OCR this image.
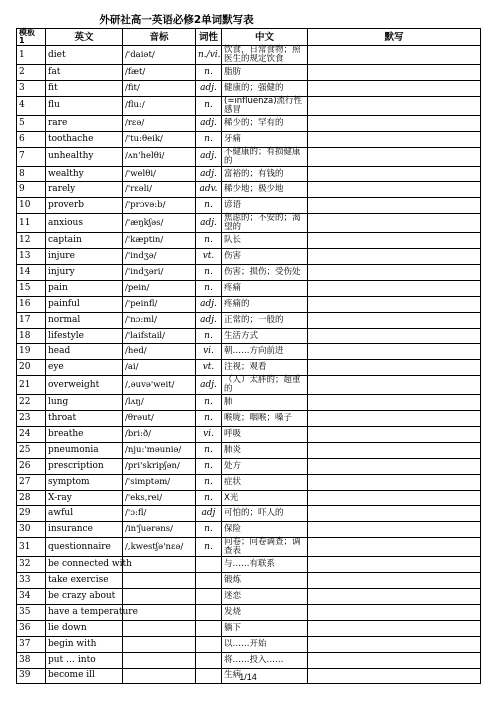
	外研社高一英语必修2单词默写表				
模板 1	英文	音标	词性	中文	默写
1	diet	/'daiət/	n./vi.	饮食，日常食物；照医生的规定饮食	
2	fat	/fæt/	n.	脂肪	
3	fit	/fit/	adj.	健康的；强健的	
4	flu	/flu:/	n.	(=influenza)流行性感冒	
5	rare	/rɛə/	adj.	稀少的；罕有的	
6	toothache	/'tu:θeik/	n.	牙痛	
7	unhealthy	/ʌn'helθi/	adj.	不健康的；有损健康的	
8	wealthy	/'welθi/	adj.	富裕的；有钱的	
9	rarely	/'rɛəli/	adv.	稀少地；极少地	
10	proverb	/'prɔvə:b/	n.	谚语	
11	anxious	/'æŋkʃəs/	adj.	焦虑的；不安的；渴望的	
12	captain	/'kæptin/	n.	队长	
13	injure	/'indʒə/	vt.	伤害	
14	injury	/'indʒəri/	n.	伤害；损伤；受伤处	
15	pain	/pein/	n.	疼痛	
16	painful	/'peinfl/	adj.	疼痛的	
17	normal	/'nɔ:ml/	adj.	正常的；一般的	
18	lifestyle	/'laifstail/	n.	生活方式	
19	head	/hed/	vi.	朝……方向前进	
20	eye	/ai/	vt.	注视；观看	
21	overweight	/,əuvə'weit/	adj.	（人）太胖的；超重的	
22	lung	/lʌŋ/	n.	肺	
23	throat	/θrəut/	n.	喉咙；咽喉；嗓子	
24	breathe	/bri:ð/	vi.	呼吸	
25	pneumonia	/nju:'məuniə/	n.	肺炎	
26	prescription	/pri'skripʃən/	n.	处方	
27	symptom	/'simptəm/	n.	症状	
28	X-ray	/'eks,rei/	n.	X光	
29	awful	/'ɔ:fl/	adj	可怕的；吓人的	
30	insurance	/in'ʃuərəns/	n.	保险	
31	questionnaire	/,kwestʃə'nɛə/	n.	问卷；问卷调查；调查表	
32	be connected with			与……有联系	
33	take exercise			锻炼	
34	be crazy about			迷恋	
35	have a temperature			发烧	
36	lie down			躺下	
37	begin with			以……开始	
38	put … into			将……投入……	
39	become ill			生病	
1/14
